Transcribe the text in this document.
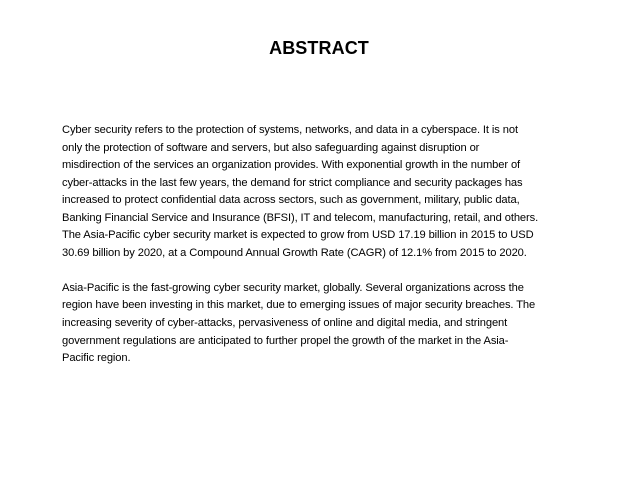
ABSTRACT

Cyber security refers to the protection of systems, networks, and data in a cyberspace. It is not
only the protection of software and servers, but also safeguarding against disruption or
misdirection of the services an organization provides. With exponential growth in the number of
cyber-attacks in the last few years, the demand for strict compliance and security packages has
increased to protect confidential data across sectors, such as government, military, public data,
Banking Financial Service and Insurance (BFSI), IT and telecom, manufacturing, retail, and others.
The Asia-Pacific cyber security market is expected to grow from USD 17.19 billion in 2015 to USD
30.69 billion by 2020, at a Compound Annual Growth Rate (CAGR) of 12.1% from 2015 to 2020.

Asia-Pacific is the fast-growing cyber security market, globally. Several organizations across the
region have been investing in this market, due to emerging issues of major security breaches. The
increasing severity of cyber-attacks, pervasiveness of online and digital media, and stringent
government regulations are anticipated to further propel the growth of the market in the Asia-
Pacific region.
